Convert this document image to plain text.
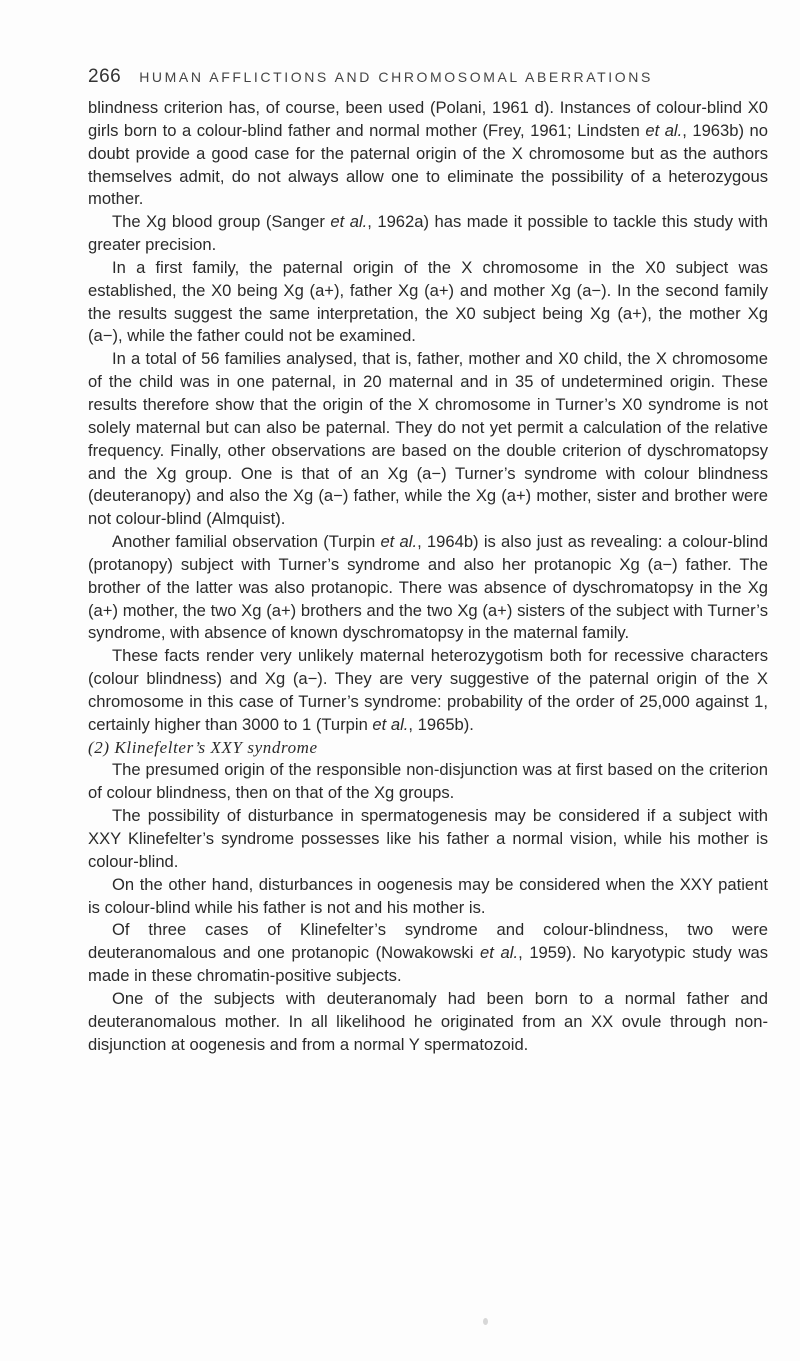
266 HUMAN AFFLICTIONS AND CHROMOSOMAL ABERRATIONS

blindness criterion has, of course, been used (Polani, 1961 d). Instances of colour-blind X0 girls born to a colour-blind father and normal mother (Frey, 1961; Lindsten et al., 1963b) no doubt provide a good case for the paternal origin of the X chromosome but as the authors themselves admit, do not always allow one to eliminate the possibility of a heterozygous mother.

The Xg blood group (Sanger et al., 1962a) has made it possible to tackle this study with greater precision.

In a first family, the paternal origin of the X chromosome in the X0 subject was established, the X0 being Xg (a+), father Xg (a+) and mother Xg (a−). In the second family the results suggest the same interpretation, the X0 subject being Xg (a+), the mother Xg (a−), while the father could not be examined.

In a total of 56 families analysed, that is, father, mother and X0 child, the X chromosome of the child was in one paternal, in 20 maternal and in 35 of undetermined origin. These results therefore show that the origin of the X chromosome in Turner’s X0 syndrome is not solely maternal but can also be paternal. They do not yet permit a calculation of the relative frequency. Finally, other observations are based on the double criterion of dyschromatopsy and the Xg group. One is that of an Xg (a−) Turner’s syndrome with colour blindness (deuteranopy) and also the Xg (a−) father, while the Xg (a+) mother, sister and brother were not colour-blind (Almquist).

Another familial observation (Turpin et al., 1964b) is also just as revealing: a colour-blind (protanopy) subject with Turner’s syndrome and also her protanopic Xg (a−) father. The brother of the latter was also protanopic. There was absence of dyschromatopsy in the Xg (a+) mother, the two Xg (a+) brothers and the two Xg (a+) sisters of the subject with Turner’s syndrome, with absence of known dyschromatopsy in the maternal family.

These facts render very unlikely maternal heterozygotism both for recessive characters (colour blindness) and Xg (a−). They are very suggestive of the paternal origin of the X chromosome in this case of Turner’s syndrome: probability of the order of 25,000 against 1, certainly higher than 3000 to 1 (Turpin et al., 1965b).

(2) Klinefelter’s XXY syndrome

The presumed origin of the responsible non-disjunction was at first based on the criterion of colour blindness, then on that of the Xg groups.

The possibility of disturbance in spermatogenesis may be considered if a subject with XXY Klinefelter’s syndrome possesses like his father a normal vision, while his mother is colour-blind.

On the other hand, disturbances in oogenesis may be considered when the XXY patient is colour-blind while his father is not and his mother is.

Of three cases of Klinefelter’s syndrome and colour-blindness, two were deuteranomalous and one protanopic (Nowakowski et al., 1959). No karyotypic study was made in these chromatin-positive subjects.

One of the subjects with deuteranomaly had been born to a normal father and deuteranomalous mother. In all likelihood he originated from an XX ovule through non-disjunction at oogenesis and from a normal Y spermatozoid.
